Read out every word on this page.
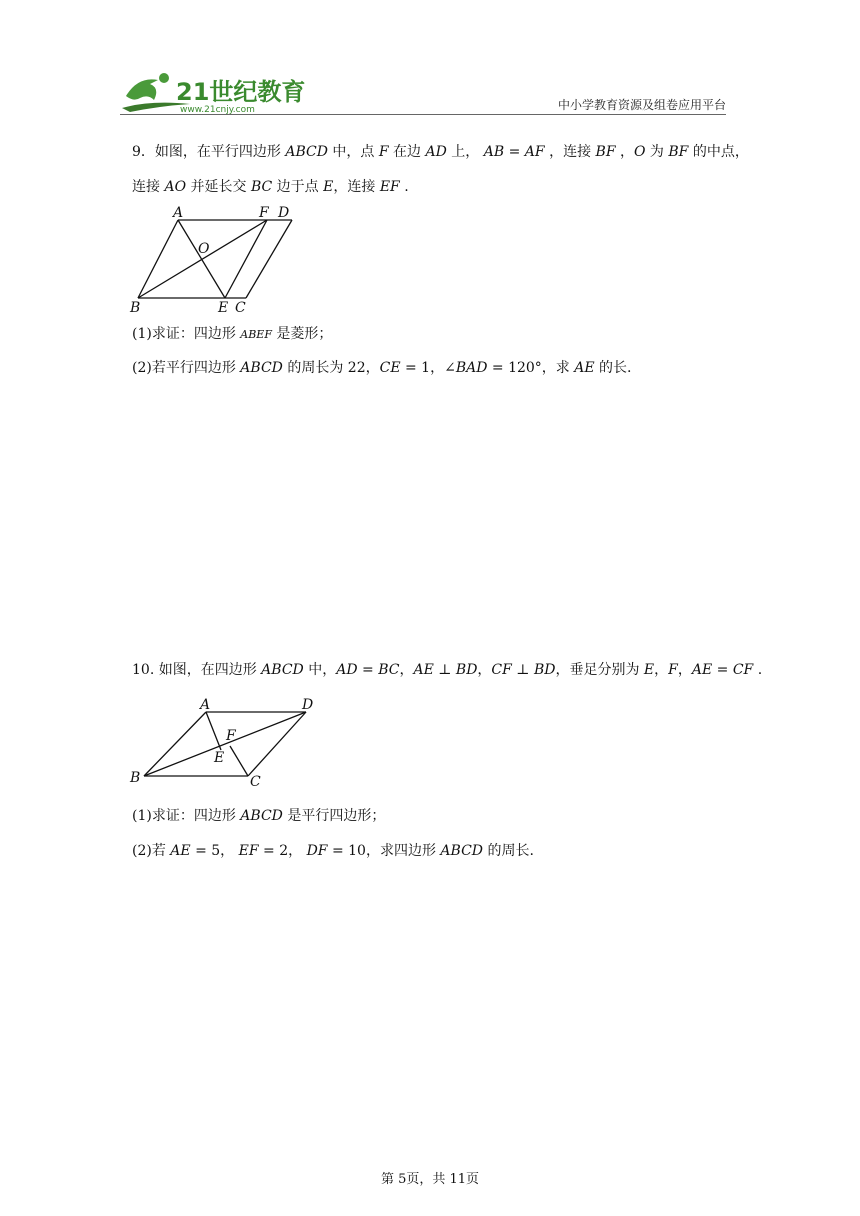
21世纪教育
www.21cnjy.com	中小学教育资源及组卷应用平台
9．如图，在平行四边形 ABCD 中，点 F 在边 AD 上， AB = AF ，连接 BF ，O 为 BF 的中点，
连接 AO 并延长交 BC 边于点 E，连接 EF .
A	F D
O
B	E C
(1)求证：四边形 ABEF 是菱形；
(2)若平行四边形 ABCD 的周长为 22，CE = 1，∠BAD = 120°，求 AE 的长.
10. 如图，在四边形 ABCD 中，AD = BC，AE ⊥ BD，CF ⊥ BD，垂足分别为 E，F，AE = CF .
A	D
F
E
B	C
(1)求证：四边形 ABCD 是平行四边形；
(2)若 AE = 5， EF = 2， DF = 10，求四边形 ABCD 的周长.
第 5页，共 11页
